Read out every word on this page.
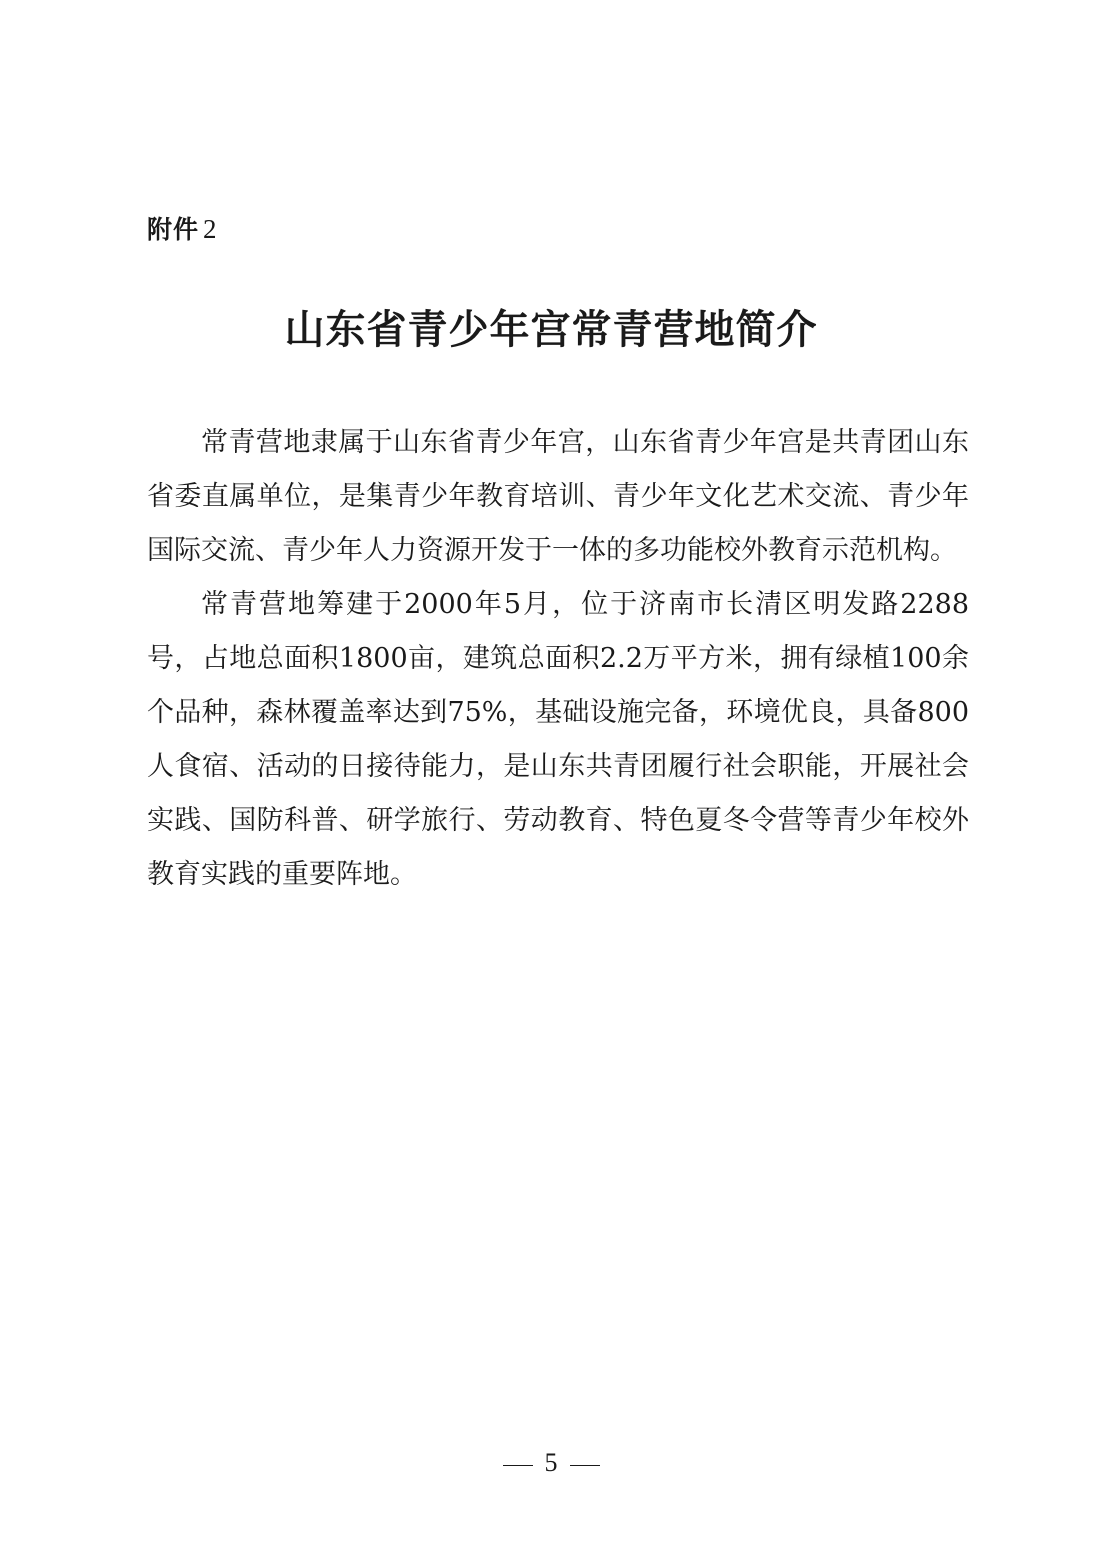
附件 2
山东省青少年宫常青营地简介

常青营地隶属于山东省青少年宫，山东省青少年宫是共青团山东省委直属单位，是集青少年教育培训、青少年文化艺术交流、青少年国际交流、青少年人力资源开发于一体的多功能校外教育示范机构。

常青营地筹建于2000年5月，位于济南市长清区明发路2288号，占地总面积1800亩，建筑总面积2.2万平方米，拥有绿植100余个品种，森林覆盖率达到75%，基础设施完备，环境优良，具备800人食宿、活动的日接待能力，是山东共青团履行社会职能，开展社会实践、国防科普、研学旅行、劳动教育、特色夏冬令营等青少年校外教育实践的重要阵地。

5
